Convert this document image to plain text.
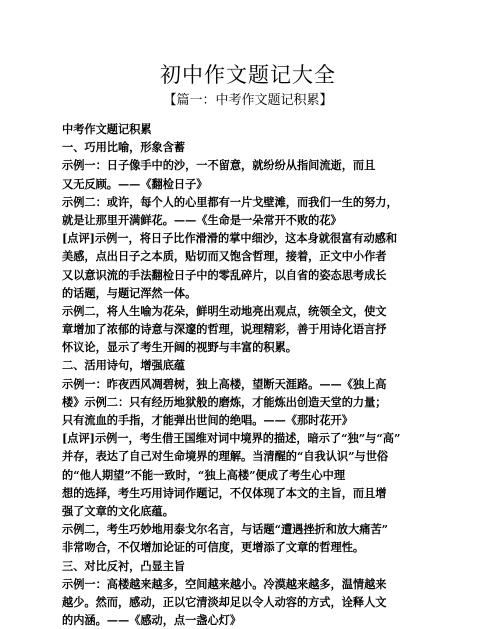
初中作文题记大全
【篇一：中考作文题记积累】
中考作文题记积累
一、巧用比喻，形象含蓄
示例一：日子像手中的沙，一不留意，就纷纷从指间流逝，而且
又无反顾。——《翻检日子》
示例二：或许，每个人的心里都有一片戈壁滩，而我们一生的努力，
就是让那里开满鲜花。——《生命是一朵常开不败的花》
[点评]示例一，将日子比作滑滑的掌中细沙，这本身就很富有动感和
美感，点出日子之本质，贴切而又饱含哲理，接着，正文中小作者
又以意识流的手法翻检日子中的零乱碎片，以自省的姿态思考成长
的话题，与题记浑然一体。
示例二，将人生喻为花朵，鲜明生动地亮出观点，统领全文，使文
章增加了浓郁的诗意与深邃的哲理，说理精彩，善于用诗化语言抒
怀议论，显示了考生开阔的视野与丰富的积累。
二、活用诗句，增强底蕴
示例一：昨夜西风凋碧树，独上高楼，望断天涯路。——《独上高
楼》示例二：只有经历地狱般的磨炼，才能炼出创造天堂的力量；
只有流血的手指，才能弹出世间的绝唱。——《那时花开》
[点评]示例一，考生借王国维对词中境界的描述，暗示了“独”与“高”
并存，表达了自己对生命境界的理解。当清醒的“自我认识”与世俗
的“他人期望”不能一致时，“独上高楼”便成了考生心中理
想的选择，考生巧用诗词作题记，不仅体现了本文的主旨，而且增
强了文章的文化底蕴。
示例二，考生巧妙地用泰戈尔名言，与话题“遭遇挫折和放大痛苦”
非常吻合，不仅增加论证的可信度，更增添了文章的哲理性。
三、对比反衬，凸显主旨
示例一：高楼越来越多，空间越来越小。冷漠越来越多，温情越来
越少。然而，感动，正以它清淡却足以令人动容的方式，诠释人文
的内涵。——《感动，点一盏心灯》
